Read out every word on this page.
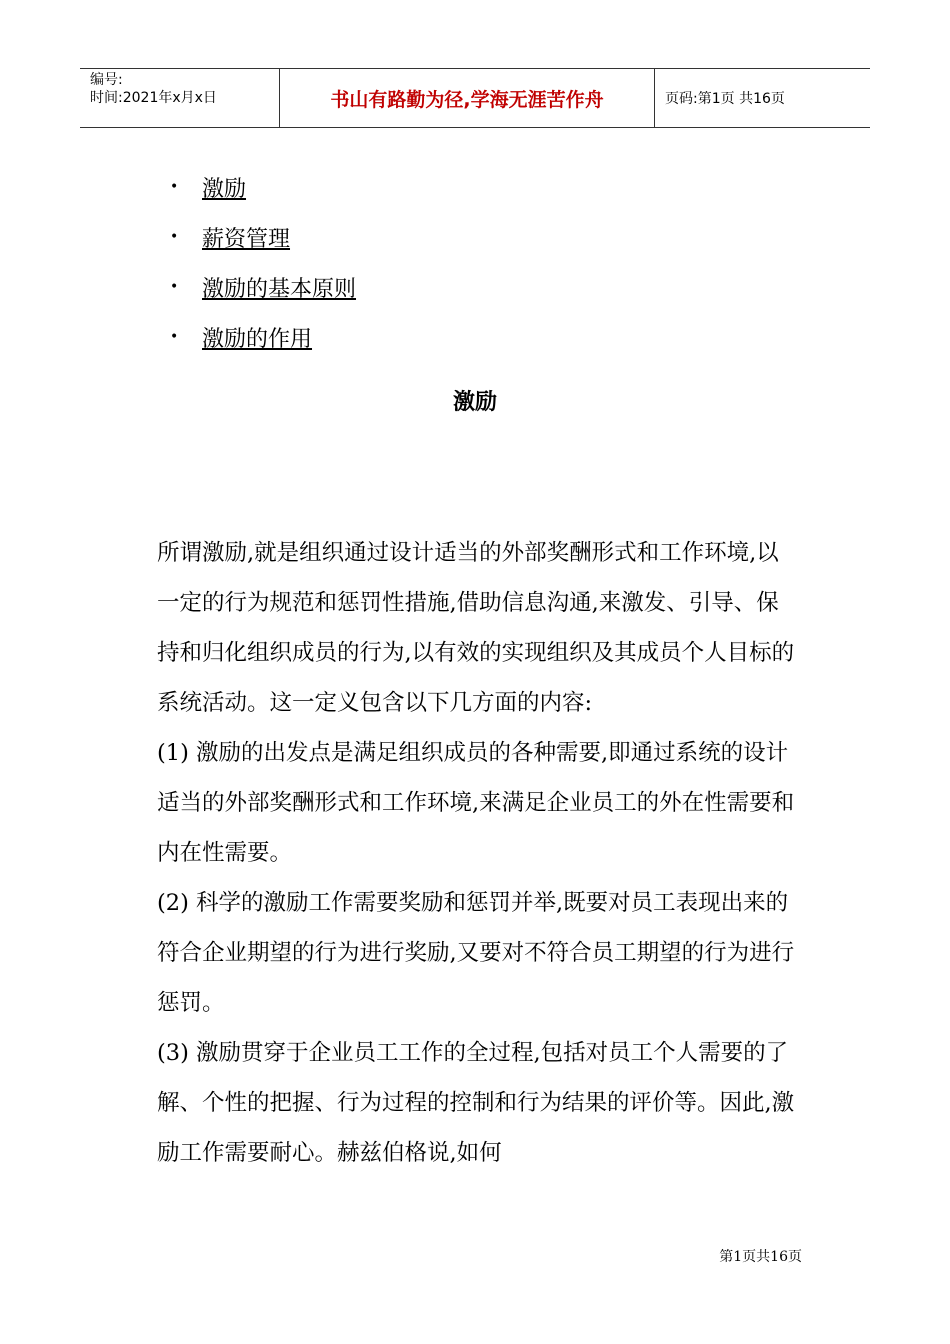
编号:
时间:2021年x月x日	书山有路勤为径,学海无涯苦作舟	页码:第1页 共16页
•	激励
•	薪资管理
•	激励的基本原则
•	激励的作用
激励

所谓激励,就是组织通过设计适当的外部奖酬形式和工作环境,以一定的行为规范和惩罚性措施,借助信息沟通,来激发、引导、保持和归化组织成员的行为,以有效的实现组织及其成员个人目标的系统活动。这一定义包含以下几方面的内容:

(1) 激励的出发点是满足组织成员的各种需要,即通过系统的设计适当的外部奖酬形式和工作环境,来满足企业员工的外在性需要和内在性需要。

(2) 科学的激励工作需要奖励和惩罚并举,既要对员工表现出来的符合企业期望的行为进行奖励,又要对不符合员工期望的行为进行惩罚。

(3) 激励贯穿于企业员工工作的全过程,包括对员工个人需要的了解、个性的把握、行为过程的控制和行为结果的评价等。因此,激励工作需要耐心。赫兹伯格说,如何

第1页共16页
